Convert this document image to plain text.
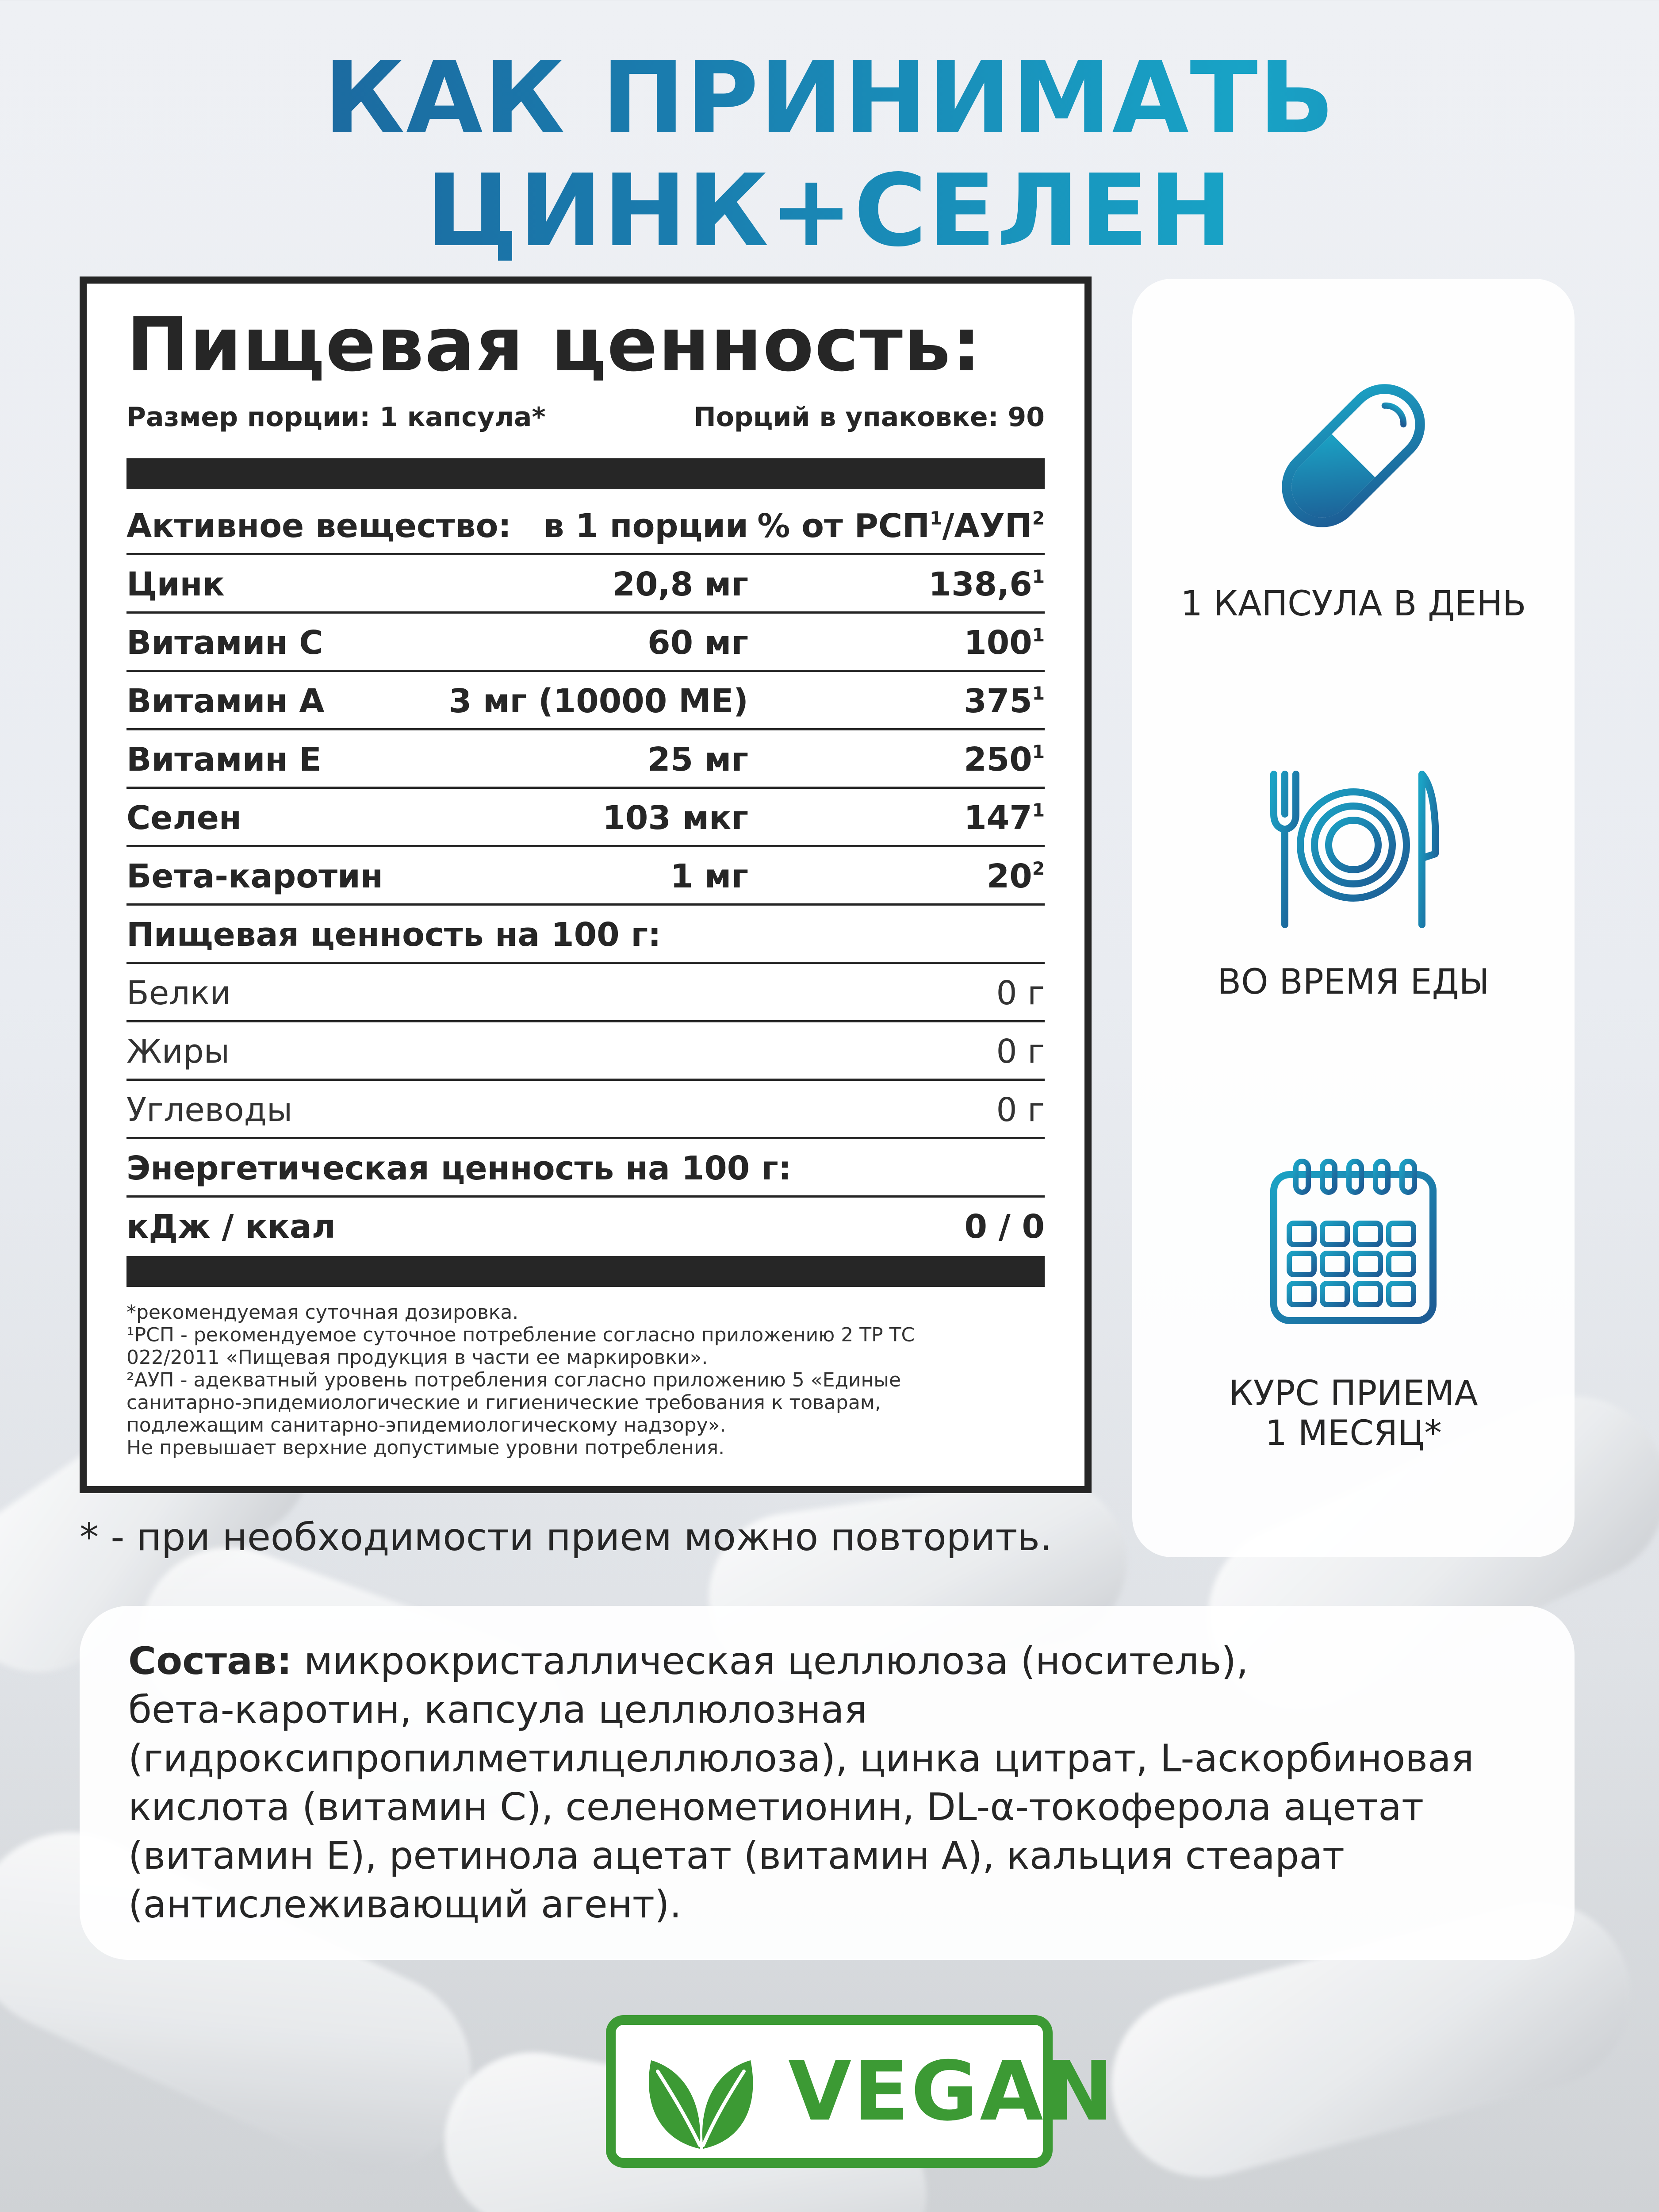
КАК ПРИНИМАТЬ
ЦИНК+СЕЛЕН
Пищевая ценность:
Размер порции: 1 капсула*	Порций в упаковке: 90
Активное вещество: в 1 порции % от РСП$^1$/АУП$^2$
Цинк	20,8 мг	138,6$^1$
Витамин С	60 мг	$100^1$
Витамин А	3 мг (10000 МЕ)	$375^1$
Витамин Е	25 мг	$250^1$
Селен	103 мкг	$147^1$
Бета-каротин	1 мг	$20^2$
Пищевая ценность на 100 г:
Белки	0 г
Жиры	0 г
Углеводы	0 г
Энергетическая ценность на 100 г:
кДж / ккал	0 / 0
*рекомендуемая суточная дозировка.
¹РСП - рекомендуемое суточное потребление согласно приложению 2 ТР ТС
022/2011 «Пищевая продукция в части ее маркировки».
²АУП - адекватный уровень потребления согласно приложению 5 «Единые
санитарно-эпидемиологические и гигиенические требования к товарам,
подлежащим санитарно-эпидемиологическому надзору».
Не превышает верхние допустимые уровни потребления.
1 КАПСУЛА В ДЕНЬ
ВО ВРЕМЯ ЕДЫ
КУРС ПРИЕМА
1 МЕСЯЦ*
* - при необходимости прием можно повторить.
Состав: микрокристаллическая целлюлоза (носитель),
бета-каротин, капсула целлюлозная
(гидроксипропилметилцеллюлоза), цинка цитрат, L-аскорбиновая
кислота (витамин С), селенометионин, DL-α-токоферола ацетат
(витамин Е), ретинола ацетат (витамин А), кальция стеарат
(антислеживающий агент).
VEGAN
